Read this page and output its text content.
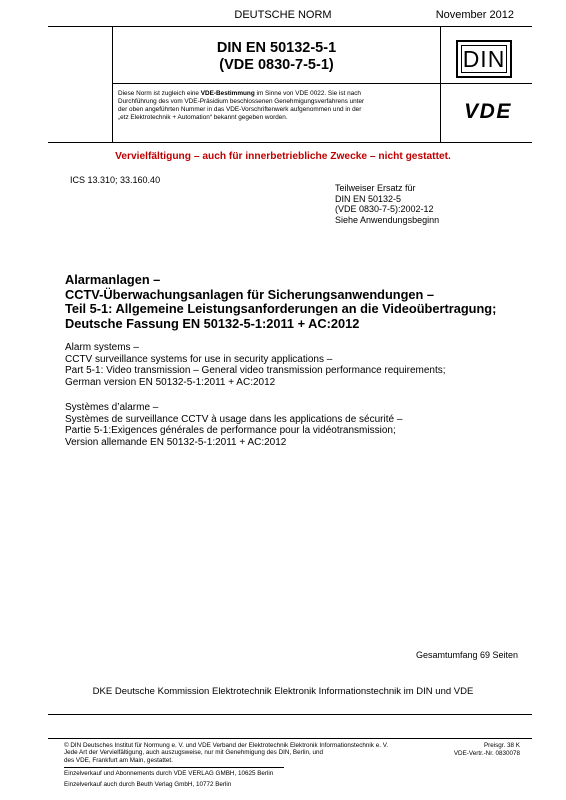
DEUTSCHE NORM	November 2012
DIN EN 50132-5-1
(VDE 0830-7-5-1)	DIN
Diese Norm ist zugleich eine VDE-Bestimmung im Sinne von VDE 0022. Sie ist nach
Durchführung des vom VDE-Präsidium beschlossenen Genehmigungsverfahrens unter
der oben angeführten Nummer in das VDE-Vorschriftenwerk aufgenommen und in der
„etz Elektrotechnik + Automation“ bekannt gegeben worden.	VDE
Vervielfältigung – auch für innerbetriebliche Zwecke – nicht gestattet.
ICS 13.310; 33.160.40
Teilweiser Ersatz für
DIN EN 50132-5
(VDE 0830-7-5):2002-12
Siehe Anwendungsbeginn
Alarmanlagen –
CCTV-Überwachungsanlagen für Sicherungsanwendungen –
Teil 5-1: Allgemeine Leistungsanforderungen an die Videoübertragung;
Deutsche Fassung EN 50132-5-1:2011 + AC:2012
Alarm systems –
CCTV surveillance systems for use in security applications –
Part 5-1: Video transmission – General video transmission performance requirements;
German version EN 50132-5-1:2011 + AC:2012
Systèmes d’alarme –
Systèmes de surveillance CCTV à usage dans les applications de sécurité –
Partie 5-1:Exigences générales de performance pour la vidéotransmission;
Version allemande EN 50132-5-1:2011 + AC:2012
Gesamtumfang 69 Seiten
DKE Deutsche Kommission Elektrotechnik Elektronik Informationstechnik im DIN und VDE
© DIN Deutsches Institut für Normung e. V. und VDE Verband der Elektrotechnik Elektronik Informationstechnik e. V.
Jede Art der Vervielfältigung, auch auszugsweise, nur mit Genehmigung des DIN, Berlin, und
des VDE, Frankfurt am Main, gestattet.
Preisgr. 38 K
VDE-Vertr.-Nr. 0830078
Einzelverkauf und Abonnements durch VDE VERLAG GMBH, 10625 Berlin
Einzelverkauf auch durch Beuth Verlag GmbH, 10772 Berlin
